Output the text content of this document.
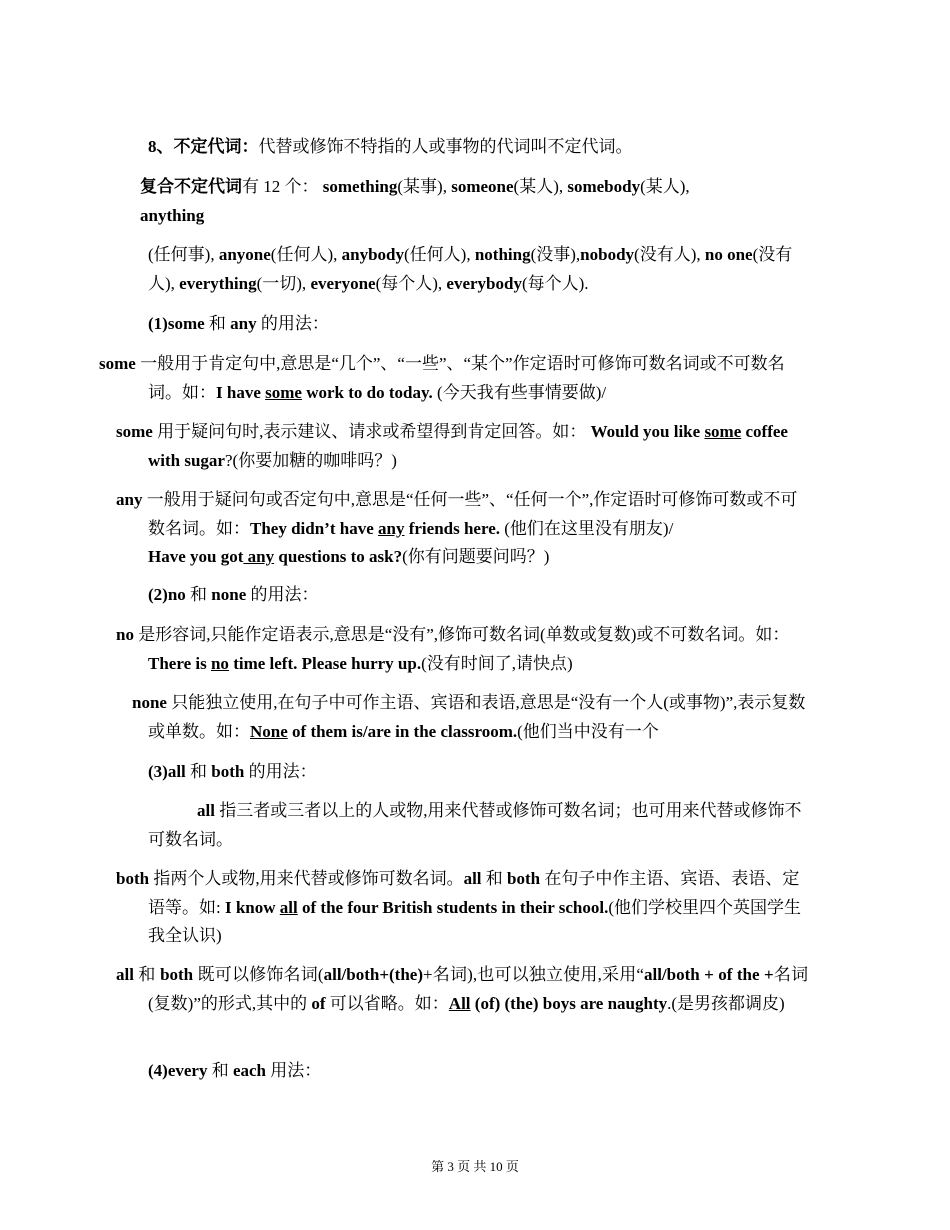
8、不定代词：代替或修饰不特指的人或事物的代词叫不定代词。

复合不定代词有 12 个： something(某事), someone(某人), somebody(某人),
anything

(任何事), anyone(任何人), anybody(任何人), nothing(没事),nobody(没有人), no one(没有人), everything(一切), everyone(每个人), everybody(每个人).

(1)some 和 any 的用法：

some 一般用于肯定句中,意思是“几个”、“一些”、“某个”作定语时可修饰可数名词或不可数名词。如：I have some work to do today. (今天我有些事情要做)/

some 用于疑问句时,表示建议、请求或希望得到肯定回答。如： Would you like some coffee with sugar?(你要加糖的咖啡吗？)

any 一般用于疑问句或否定句中,意思是“任何一些”、“任何一个”,作定语时可修饰可数或不可数名词。如：They didn’t have any friends here. (他们在这里没有朋友)/
Have you got any questions to ask?(你有问题要问吗？)

(2)no 和 none 的用法：

no 是形容词,只能作定语表示,意思是“没有”,修饰可数名词(单数或复数)或不可数名词。如：There is no time left. Please hurry up.(没有时间了,请快点)

none 只能独立使用,在句子中可作主语、宾语和表语,意思是“没有一个人(或事物)”,表示复数或单数。如：None of them is/are in the classroom.(他们当中没有一个

(3)all 和 both 的用法：

all 指三者或三者以上的人或物,用来代替或修饰可数名词；也可用来代替或修饰不可数名词。

both 指两个人或物,用来代替或修饰可数名词。all 和 both 在句子中作主语、宾语、表语、定语等。如: I know all of the four British students in their school.(他们学校里四个英国学生我全认识)

all 和 both 既可以修饰名词(all/both+(the)+名词),也可以独立使用,采用“all/both + of the +名词(复数)”的形式,其中的 of 可以省略。如：All (of) (the) boys are naughty.(是男孩都调皮)

(4)every 和 each 用法：

第 3 页 共 10 页
